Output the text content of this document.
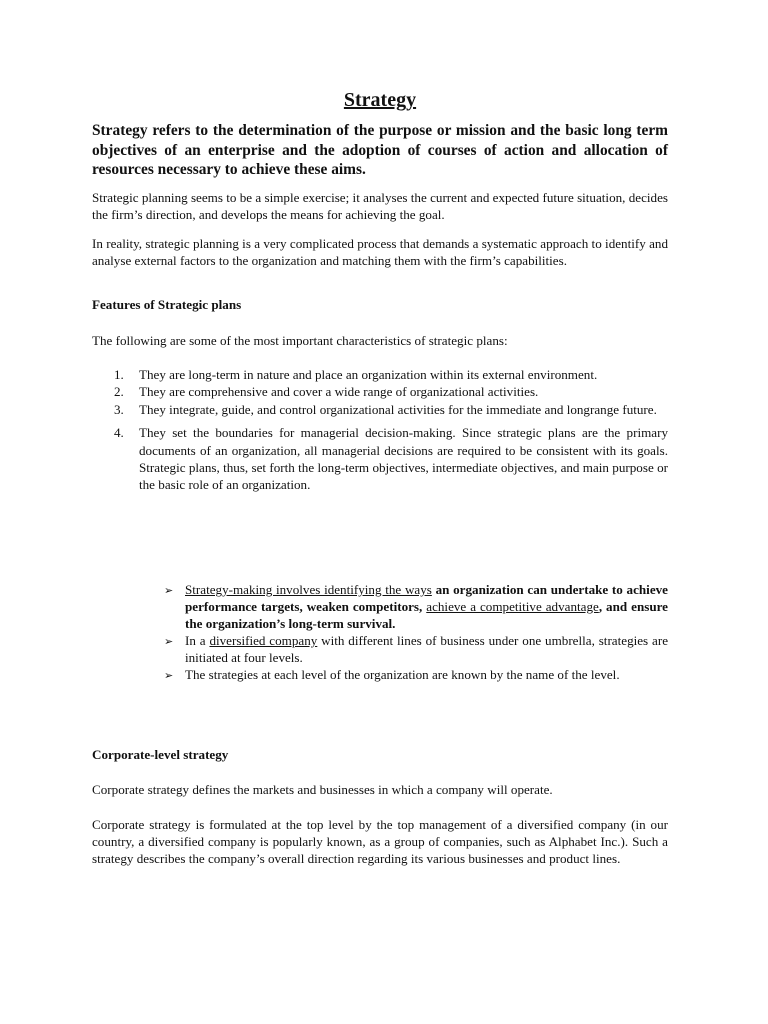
Strategy

Strategy refers to the determination of the purpose or mission and the basic long term objectives of an enterprise and the adoption of courses of action and allocation of resources necessary to achieve these aims.

Strategic planning seems to be a simple exercise; it analyses the current and expected future situation, decides the firm’s direction, and develops the means for achieving the goal.

In reality, strategic planning is a very complicated process that demands a systematic approach to identify and analyse external factors to the organization and matching them with the firm’s capabilities.

Features of Strategic plans

The following are some of the most important characteristics of strategic plans:

1. They are long-term in nature and place an organization within its external environment.
2. They are comprehensive and cover a wide range of organizational activities.
3. They integrate, guide, and control organizational activities for the immediate and longrange future.
4. They set the boundaries for managerial decision-making. Since strategic plans are the primary documents of an organization, all managerial decisions are required to be consistent with its goals. Strategic plans, thus, set forth the long-term objectives, intermediate objectives, and main purpose or the basic role of an organization.
➢ Strategy-making involves identifying the ways an organization can undertake to achieve performance targets, weaken competitors, achieve a competitive advantage, and ensure the organization’s long-term survival.
➢ In a diversified company with different lines of business under one umbrella, strategies are initiated at four levels.
➢ The strategies at each level of the organization are known by the name of the level.

Corporate-level strategy

Corporate strategy defines the markets and businesses in which a company will operate.

Corporate strategy is formulated at the top level by the top management of a diversified company (in our country, a diversified company is popularly known, as a group of companies, such as Alphabet Inc.). Such a strategy describes the company’s overall direction regarding its various businesses and product lines.
